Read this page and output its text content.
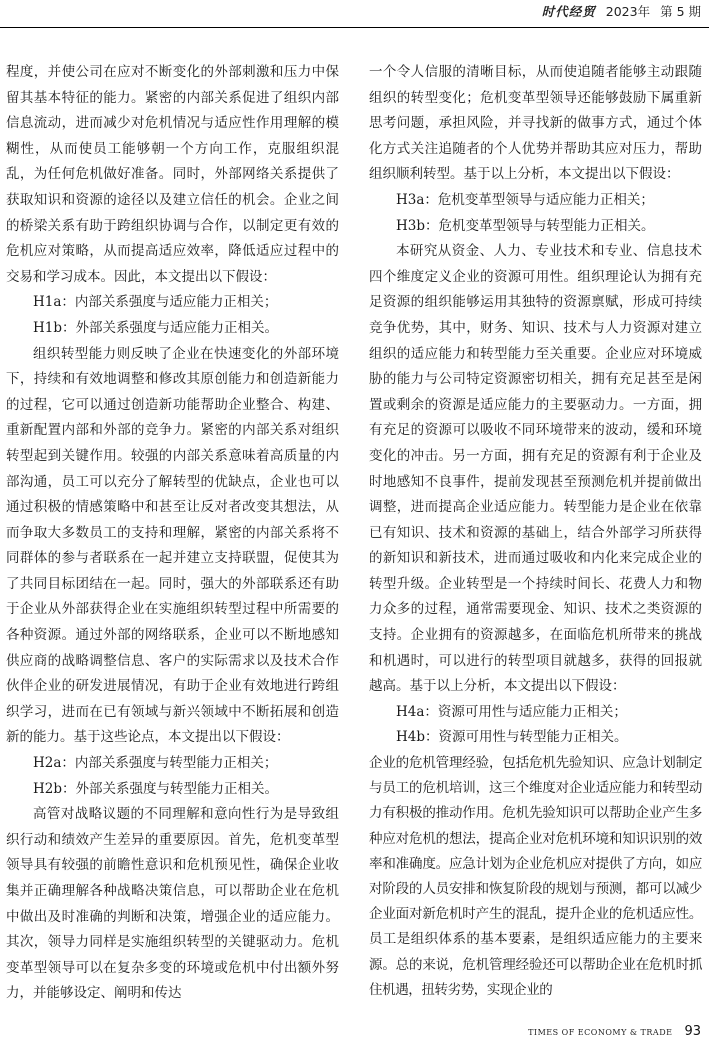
时代经贸 2023年 第 5 期

程度，并使公司在应对不断变化的外部刺激和压力中保留其基本特征的能力。紧密的内部关系促进了组织内部信息流动，进而减少对危机情况与适应性作用理解的模糊性，从而使员工能够朝一个方向工作，克服组织混乱，为任何危机做好准备。同时，外部网络关系提供了获取知识和资源的途径以及建立信任的机会。企业之间的桥梁关系有助于跨组织协调与合作，以制定更有效的危机应对策略，从而提高适应效率，降低适应过程中的交易和学习成本。因此，本文提出以下假设：

H1a：内部关系强度与适应能力正相关；

H1b：外部关系强度与适应能力正相关。

组织转型能力则反映了企业在快速变化的外部环境下，持续和有效地调整和修改其原创能力和创造新能力的过程，它可以通过创造新功能帮助企业整合、构建、重新配置内部和外部的竞争力。紧密的内部关系对组织转型起到关键作用。较强的内部关系意味着高质量的内部沟通，员工可以充分了解转型的优缺点，企业也可以通过积极的情感策略中和甚至让反对者改变其想法，从而争取大多数员工的支持和理解，紧密的内部关系将不同群体的参与者联系在一起并建立支持联盟，促使其为了共同目标团结在一起。同时，强大的外部联系还有助于企业从外部获得企业在实施组织转型过程中所需要的各种资源。通过外部的网络联系，企业可以不断地感知供应商的战略调整信息、客户的实际需求以及技术合作伙伴企业的研发进展情况，有助于企业有效地进行跨组织学习，进而在已有领域与新兴领域中不断拓展和创造新的能力。基于这些论点，本文提出以下假设：

H2a：内部关系强度与转型能力正相关；

H2b：外部关系强度与转型能力正相关。

高管对战略议题的不同理解和意向性行为是导致组织行动和绩效产生差异的重要原因。首先，危机变革型领导具有较强的前瞻性意识和危机预见性，确保企业收集并正确理解各种战略决策信息，可以帮助企业在危机中做出及时准确的判断和决策，增强企业的适应能力。其次，领导力同样是实施组织转型的关键驱动力。危机变革型领导可以在复杂多变的环境或危机中付出额外努力，并能够设定、阐明和传达

一个令人信服的清晰目标，从而使追随者能够主动跟随组织的转型变化；危机变革型领导还能够鼓励下属重新思考问题，承担风险，并寻找新的做事方式，通过个体化方式关注追随者的个人优势并帮助其应对压力，帮助组织顺利转型。基于以上分析，本文提出以下假设：

H3a：危机变革型领导与适应能力正相关；

H3b：危机变革型领导与转型能力正相关。

本研究从资金、人力、专业技术和专业、信息技术四个维度定义企业的资源可用性。组织理论认为拥有充足资源的组织能够运用其独特的资源禀赋，形成可持续竞争优势，其中，财务、知识、技术与人力资源对建立组织的适应能力和转型能力至关重要。企业应对环境威胁的能力与公司特定资源密切相关，拥有充足甚至是闲置或剩余的资源是适应能力的主要驱动力。一方面，拥有充足的资源可以吸收不同环境带来的波动，缓和环境变化的冲击。另一方面，拥有充足的资源有利于企业及时地感知不良事件，提前发现甚至预测危机并提前做出调整，进而提高企业适应能力。转型能力是企业在依靠已有知识、技术和资源的基础上，结合外部学习所获得的新知识和新技术，进而通过吸收和内化来完成企业的转型升级。企业转型是一个持续时间长、花费人力和物力众多的过程，通常需要现金、知识、技术之类资源的支持。企业拥有的资源越多，在面临危机所带来的挑战和机遇时，可以进行的转型项目就越多，获得的回报就越高。基于以上分析，本文提出以下假设：

H4a：资源可用性与适应能力正相关；

H4b：资源可用性与转型能力正相关。

企业的危机管理经验，包括危机先验知识、应急计划制定与员工的危机培训，这三个维度对企业适应能力和转型动力有积极的推动作用。危机先验知识可以帮助企业产生多种应对危机的想法，提高企业对危机环境和知识识别的效率和准确度。应急计划为企业危机应对提供了方向，如应对阶段的人员安排和恢复阶段的规划与预测，都可以减少企业面对新危机时产生的混乱，提升企业的危机适应性。员工是组织体系的基本要素，是组织适应能力的主要来源。总的来说，危机管理经验还可以帮助企业在危机时抓住机遇，扭转劣势，实现企业的

TIMES OF ECONOMY & TRADE 93
